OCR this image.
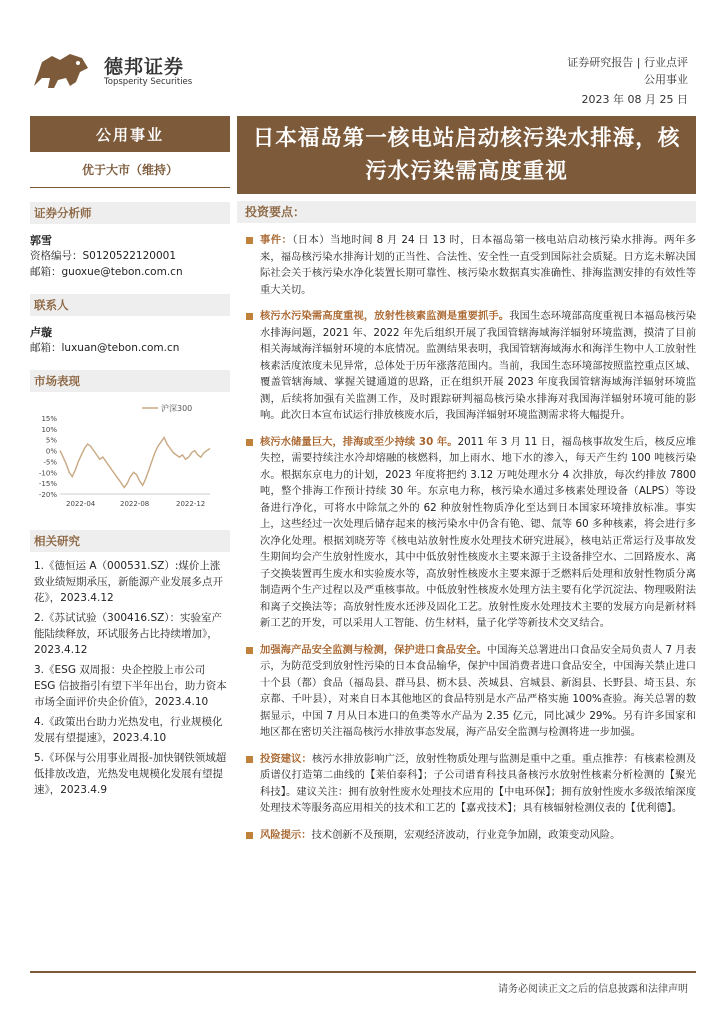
德邦证券
Topsperity Securities
证券研究报告 | 行业点评
公用事业
2023 年 08 月 25 日
公用事业
优于大市（维持）
证券分析师
郭雪
资格编号：S0120522120001
邮箱：guoxue@tebon.com.cn
联系人
卢璇
邮箱：luxuan@tebon.com.cn
市场表现
沪深300
15%
10%
5%
0%
-5%
-10%
-15%
-20%
2022-04	2022-08	2022-12
相关研究
1.《德恒运 A（000531.SZ）:煤价上涨致业绩短期承压，新能源产业发展多点开花》，2023.4.12
2.《苏试试验（300416.SZ）：实验室产能陆续释放，环试服务占比持续增加》，2023.4.12
3.《ESG 双周报：央企控股上市公司 ESG 信披指引有望下半年出台，助力资本市场全面评价央企价值》，2023.4.10
4.《政策出台助力光热发电，行业规模化发展有望提速》，2023.4.10
5.《环保与公用事业周报-加快钢铁领域超低排放改造，光热发电规模化发展有望提速》，2023.4.9
日本福岛第一核电站启动核污染水排海，核污水污染需高度重视
投资要点：
事件：（日本）当地时间 8 月 24 日 13 时，日本福岛第一核电站启动核污染水排海。两年多来，福岛核污染水排海计划的正当性、合法性、安全性一直受到国际社会质疑。日方迄未解决国际社会关于核污染水净化装置长期可靠性、核污染水数据真实准确性、排海监测安排的有效性等重大关切。
核污水污染需高度重视，放射性核素监测是重要抓手。我国生态环境部高度重视日本福岛核污染水排海问题，2021 年、2022 年先后组织开展了我国管辖海域海洋辐射环境监测，摸清了目前相关海域海洋辐射环境的本底情况。监测结果表明，我国管辖海域海水和海洋生物中人工放射性核素活度浓度未见异常，总体处于历年涨落范围内。当前，我国生态环境部按照监控重点区域、覆盖管辖海域、掌握关键通道的思路，正在组织开展 2023 年度我国管辖海域海洋辐射环境监测，后续将加强有关监测工作，及时跟踪研判福岛核污染水排海对我国海洋辐射环境可能的影响。此次日本宣布试运行排放核废水后，我国海洋辐射环境监测需求将大幅提升。
核污水储量巨大，排海或至少持续 30 年。2011 年 3 月 11 日，福岛核事故发生后，核反应堆失控，需要持续注水冷却熔融的核燃料，加上雨水、地下水的渗入，每天产生约 100 吨核污染水。根据东京电力的计划，2023 年度将把约 3.12 万吨处理水分 4 次排放，每次约排放 7800 吨，整个排海工作预计持续 30 年。东京电力称，核污染水通过多核素处理设备（ALPS）等设备进行净化，可将水中除氚之外的 62 种放射性物质净化至达到日本国家环境排放标准。事实上，这些经过一次处理后储存起来的核污染水中仍含有铯、锶、氚等 60 多种核素，将会进行多次净化处理。根据刘晓芳等《核电站放射性废水处理技术研究进展》，核电站正常运行及事故发生期间均会产生放射性废水，其中中低放射性核废水主要来源于主设备排空水、二回路废水、离子交换装置再生废水和实验废水等，高放射性核废水主要来源于乏燃料后处理和放射性物质分离制造两个生产过程以及严重核事故。中低放射性核废水处理方法主要有化学沉淀法、物理吸附法和离子交换法等；高放射性废水还涉及固化工艺。放射性废水处理技术主要的发展方向是新材料新工艺的开发，可以采用人工智能、仿生材料，量子化学等新技术交叉结合。
加强海产品安全监测与检测，保护进口食品安全。中国海关总署进出口食品安全局负责人 7 月表示，为防范受到放射性污染的日本食品输华，保护中国消费者进口食品安全，中国海关禁止进口十个县（都）食品（福岛县、群马县、枥木县、茨城县、宫城县、新潟县、长野县、埼玉县、东京都、千叶县），对来自日本其他地区的食品特别是水产品严格实施 100%查验。海关总署的数据显示，中国 7 月从日本进口的鱼类等水产品为 2.35 亿元，同比减少 29%。另有许多国家和地区都在密切关注福岛核污水排放事态发展，海产品安全监测与检测将进一步加强。
投资建议：核污水排放影响广泛，放射性物质处理与监测是重中之重。重点推荐：有核素检测及质谱仪打造第二曲线的【莱伯泰科】；子公司谱育科技具备核污水放射性核素分析检测的【聚光科技】。建议关注：拥有放射性废水处理技术应用的【中电环保】；拥有放射性废水多级浓缩深度处理技术等服务高应用相关的技术和工艺的【嘉戎技术】；具有核辐射检测仪表的【优利德】。
风险提示：技术创新不及预期，宏观经济波动，行业竞争加剧，政策变动风险。
请务必阅读正文之后的信息披露和法律声明
